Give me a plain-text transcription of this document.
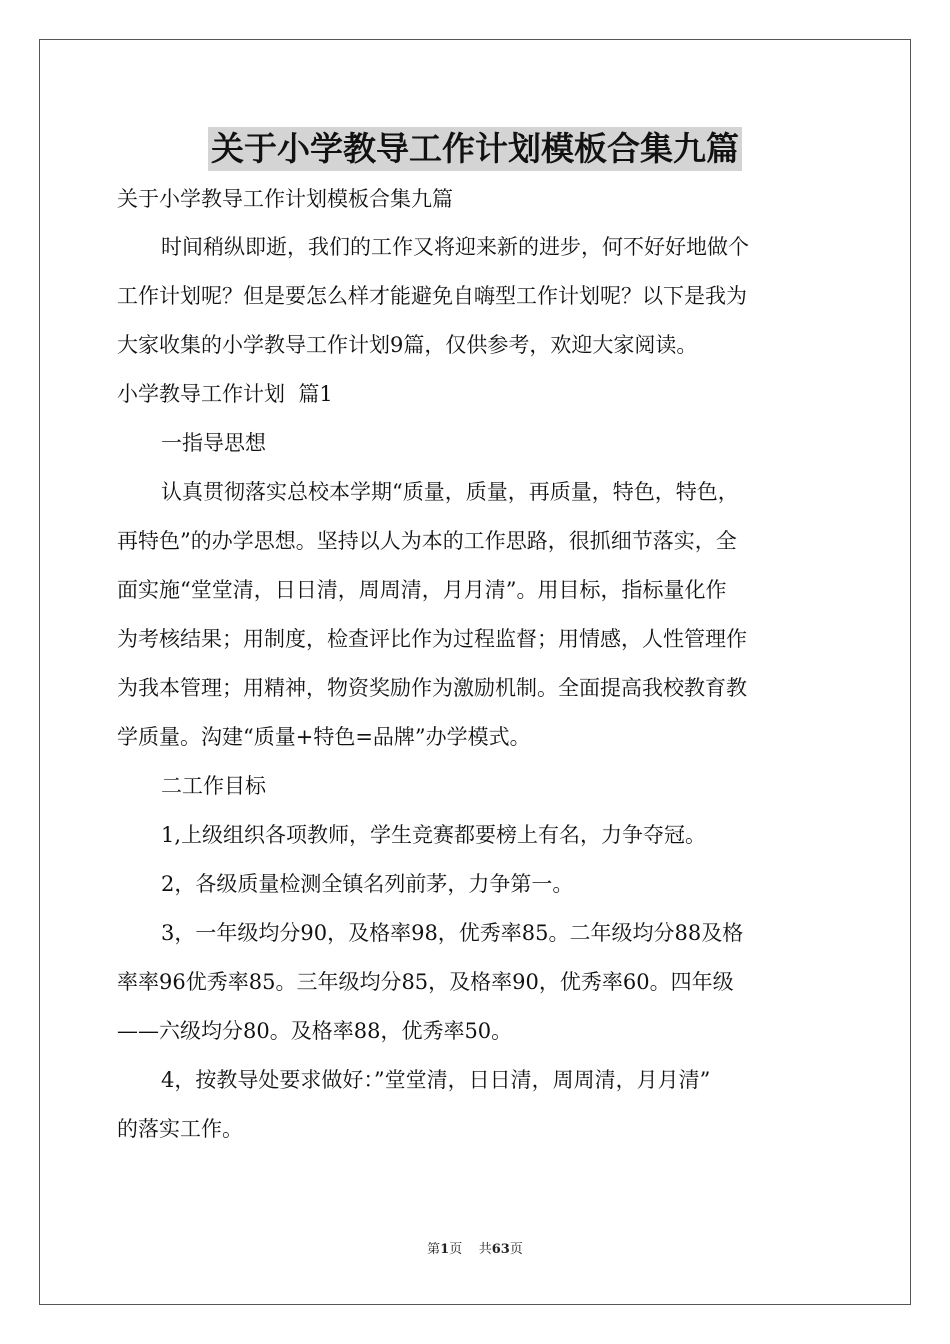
关于小学教导工作计划模板合集九篇
关于小学教导工作计划模板合集九篇
时间稍纵即逝，我们的工作又将迎来新的进步，何不好好地做个
工作计划呢？但是要怎么样才能避免自嗨型工作计划呢？以下是我为
大家收集的小学教导工作计划9篇，仅供参考，欢迎大家阅读。
小学教导工作计划  篇1
一指导思想
认真贯彻落实总校本学期“质量，质量，再质量，特色，特色，
再特色”的办学思想。坚持以人为本的工作思路，很抓细节落实，全
面实施“堂堂清，日日清，周周清，月月清”。用目标，指标量化作
为考核结果；用制度，检查评比作为过程监督；用情感，人性管理作
为我本管理；用精神，物资奖励作为激励机制。全面提高我校教育教
学质量。沟建“质量+特色=品牌”办学模式。
二工作目标
1,上级组织各项教师，学生竞赛都要榜上有名，力争夺冠。
2，各级质量检测全镇名列前茅，力争第一。
3，一年级均分90，及格率98，优秀率85。二年级均分88及格
率率96优秀率85。三年级均分85，及格率90，优秀率60。四年级
——六级均分80。及格率88，优秀率50。
4，按教导处要求做好：”堂堂清，日日清，周周清，月月清”
的落实工作。
第1页 共63页
